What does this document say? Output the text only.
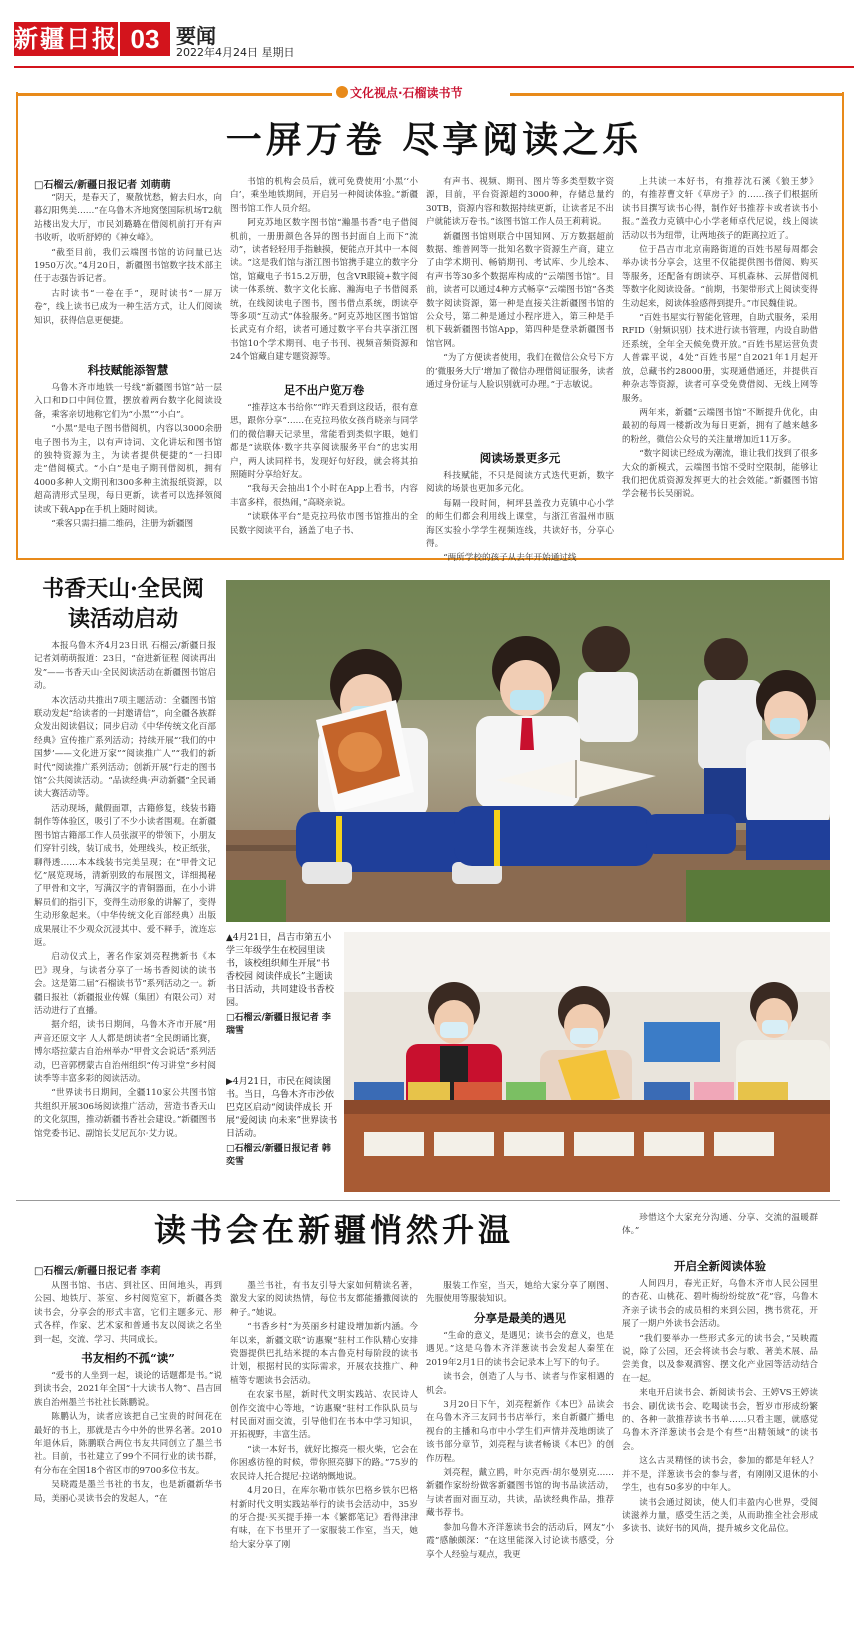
新疆日报 03 要闻
2022年4月24日 星期日
文化视点·石榴读书节
一屏万卷 尽享阅读之乐
□石榴云/新疆日报记者 刘萌萌

“阴天，是春天了，聚散忧愁，俯去归水，向暮幻阳隽美……”在乌鲁木齐地窝堡国际机场T2航站楼出发大厅，市民刘璐璐在借阅机前打开有声书收听，收听舒婷的《神女峰》。

“截至目前，我们云端图书馆的访问量已达1950万次。”4月20日，新疆图书馆数字技术部主任于志强告诉记者。

古时读书“一卷在手”，现时读书“一屏万卷”，线上读书已成为一种生活方式，让人们阅读知识，获得信息更便捷。

科技赋能添智慧

乌鲁木齐市地铁一号线“新疆图书馆”站一层入口和D口中间位置，摆放着两台数字化阅读设备，乘客亲切地称它们为“小黑”“小白”。

“小黑”是电子图书借阅机，内容以3000余册电子图书为主，以有声诗词、文化讲坛和图书馆的独特资源为主，为读者提供便捷的“一扫即走”借阅模式。“小白”是电子期刊借阅机，拥有4000多种人文期刊和300多种主流报纸资源，以超高清形式呈现，每日更新，读者可以选择领阅读或下载App在手机上随时阅读。

“乘客只需扫描二维码，注册为新疆图

书馆的机构会员后，就可免费使用‘小黑’‘小白’，乘坐地铁期间，开启另一种阅读体验。”新疆图书馆工作人员介绍。

阿克苏地区数字图书馆“瀚墨书香”电子借阅机前，一册册颜色各异的图书封面自上而下“流动”，读者轻轻用手指触摸，便能点开其中一本阅读。“这是我们馆与浙江图书馆携手建立的数字分馆，馆藏电子书15.2万册，包含VR眼镜+数字阅读一体系统、数字文化长廊、瀚海电子书借阅系统，在线阅读电子图书，图书借点系统，朗读亭等多项“互动式”体验服务。”阿克苏地区图书馆馆长武克有介绍，读者可通过数字平台共享浙江图书馆10个学术期刊、电子书刊、视频音频资源和24个馆藏自建专题资源等。

足不出户览万卷

“推荐这本书给你”“昨天看到这段话，很有意思，跟你分享”……在克拉玛依女孩肖晓亲与同学们的微信聊天记录里，常能看到类似字眼，她们都是“读联体·数字共享阅读服务平台”的忠实用户，两人读同样书，发现好句好段，就会将其拍照随时分享给好友。

“我每天会抽出1个小时在App上看书，内容丰富多样，很热闹，”高晓亲说。

“读联体平台”是克拉玛依市图书馆推出的全民数字阅读平台，涵盖了电子书、

有声书、视频、期刊、图片等多类型数字资源，目前，平台资源超约3000种，存储总量约30TB，资源内容和数据持续更新，让读者足不出户就能读万卷书。”该图书馆工作人员王莉莉说。

新疆图书馆则联合中国知网、万方数据超前数据、维普网等一批知名数字资源生产商，建立了由学术期刊、畅销期刊、考试库、少儿绘本、有声书等30多个数据库构成的“云端图书馆”。目前，读者可以通过4种方式畅享“云端图书馆”各类数字阅读资源，第一种是直接关注新疆图书馆的公众号，第二种是通过小程序进入，第三种是手机下载新疆图书馆App，第四种是登录新疆图书馆官网。

“为了方便读者使用，我们在微信公众号下方的‘微服务大厅’增加了微信办理借阅证服务，读者通过身份证与人脸识别就可办理。”于志敏说。

阅读场景更多元

科技赋能，不只是阅读方式迭代更新，数字阅读的场景也更加多元化。

每隔一段时间，柯坪县盖孜力克镇中心小学的师生们都会利用线上课堂，与浙江省温州市瓯海区实验小学学生视频连线，共读好书，分享心得。

“两所学校的孩子从去年开始通过线

上共读一本好书，有推荐沈石溪《狼王梦》的，有推荐曹文轩《草房子》的……孩子们根据所读书目撰写读书心得，制作好书推荐卡或者读书小报。”盖孜力克镇中心小学老师卓代尼说，线上阅读活动以书为纽带，让两地孩子的距离拉近了。

位于昌吉市北京南路街道的百姓书屋每周都会举办读书分享会，这里不仅能提供图书借阅、购买等服务，还配备有朗读亭、耳机森林、云屏借阅机等数字化阅读设备。“前期，书架带形式上阅读变得生动起来，阅读体验感得到提升。”市民魏佳说。

“百姓书屋实行智能化管理，自助式服务，采用RFID（射频识别）技术进行读书管理，内设自助借还系统，全年全天候免费开放。”百姓书屋运营负责人普霖平说，4处“百姓书屋”自2021年1月起开放，总藏书约28000册，实现通借通还，并提供百种杂志等资源，读者可享受免费借阅、无线上网等服务。

两年来，新疆“云端图书馆”不断提升优化，由最初的每周一楼新改为每日更新，拥有了越来越多的粉丝，微信公众号的关注量增加近11万多。

“数字阅读已经成为潮流，谁让我们找到了很多大众的新模式，云端图书馆不受时空限制，能够让我们把优质资源发挥更大的社会效能。”新疆图书馆学会秘书长吴丽说。

书香天山·全民阅读活动启动

本报乌鲁木齐4月23日讯 石榴云/新疆日报记者刘萌萌报道：23日，“奋进新征程 阅读再出发”——书香天山·全民阅读活动在新疆图书馆启动。

本次活动共推出7项主题活动：全疆图书馆联动发起“给读者的一封邀请信”，向全疆各族群众发出阅读倡议；同步启动《中华传统文化百部经典》宣传推广系列活动；持续开展“‘我们的中国梦’——文化进万家”“阅读推广人”“我们的新时代”阅读推广系列活动；创新开展“行走的图书馆”公共阅读活动。“品读经典·声动新疆”全民诵读大赛活动等。

活动现场，戴假面罩，古籍修复，线装书籍制作等体验区，吸引了不少小读者围观。在新疆图书馆古籍部工作人员张淑平的带领下，小朋友们穿针引线，装订成书，处理线头，校正纸张，聊得透……本本线装书完美呈现；在“甲骨文记忆”展览现场，清新别致的布展图文，详细揭秘了甲骨和文字，写满汉字的青铜器面，在小小讲解员们的指引下，变得生动形象的讲解了，变得生动形象起来。（中华传统文化百部经典）出版成果展让不少观众沉浸其中、爱不释手，流连忘返。

启动仪式上，著名作家刘亮程携新书《本巴》现身，与读者分享了一场书香阅读的读书会。这是第二届“石榴读书节”系列活动之一。新疆日报社（新疆报业传媒（集团）有限公司）对活动进行了直播。

据介绍，读书日期间，乌鲁木齐市开展“用声音还原文字 人人都是朗读者”全民朗诵比赛，博尔塔拉蒙古自治州举办“甲骨文会说话”系列活动，巴音郭楞蒙古自治州组织“传习讲堂”乡村阅读季等丰富多彩的阅读活动。

“世界读书日期间，全疆110家公共图书馆共组织开展306场阅读推广活动，营造书香天山的文化氛围，推动新疆书香社会建设。”新疆图书馆党委书记、副馆长艾尼瓦尔·艾力说。

▲4月21日，昌吉市第五小学三年级学生在校园里读书，该校组织师生开展“书香校园 阅读伴成长”主题读书日活动，共同建设书香校园。
□石榴云/新疆日报记者 李瑞雪
▶4月21日，市民在阅读图书。当日，乌鲁木齐市沙依巴克区启动“阅读伴成长 开展“爱阅读 向未来”世界读书日活动。
□石榴云/新疆日报记者 韩奕雪
读书会在新疆悄然升温
□石榴云/新疆日报记者 李莉

从图书馆、书店、到社区、田间地头，再到公园、地铁厅、茶室、乡村阅览室下，新疆各类读书会，分享会的形式丰富，它们主题多元、形式各样，作家、艺术家和普通书友以阅读之名坐到一起，交流、学习、共同成长。

书友相约不孤“读”

“爱书的人坐到一起，谈论的话题都是书。”说到读书会，2021年全国“十大读书人物”、昌吉回族自治州墨兰书社社长陈鹏说。

陈鹏认为，读者应该把自己宝贵的时间花在最好的书上，那就是古今中外的世界名著。2010年退休后，陈鹏联合两位书友共同创立了墨兰书社。目前，书社建立了99个不同行业的读书群，有分布在全国18个省区市的9700多位书友。

吴晓霞是墨兰书社的书友，也是新疆新华书局，美丽心灵读书会的发起人，“在

墨兰书社，有书友引导大家如何精读名著，激发大家的阅读热情，每位书友都能播撒阅读的种子。”她说。

“书香乡村”为英丽乡村建设增加新内涵。今年以来，新疆文联“访惠聚”驻村工作队精心安排瓷器提供巴扎结米提的本古鲁克村每阶段的读书计划，根据村民的实际需求，开展农技推广、种植等专题读书会活动。

在农家书屋，新时代文明实践站、农民诗人创作交流中心等地，“访惠聚”驻村工作队队员与村民面对面交流，引导他们在书本中学习知识，开拓视野，丰富生活。

“读一本好书，就好比擦亮一根火柴，它会在你困惑彷徨的时候，带你照亮脚下的路。”75岁的农民诗人托合提尼·拉诺纳慨地说。

4月20日，在库尔勒市铁尔巴格乡铁尔巴格村新时代文明实践站举行的读书会活动中，35岁的牙合提·买买提手捧一本《繁都笔记》看得津津有味，在下书里开了一家服装工作室，当天，她给大家分享了刚

服装工作室，当天，她给大家分享了刚图、先服使用等服装知识。

分享是最美的遇见

“生命的意义，是遇见；读书会的意义，也是遇见。”这是乌鲁木齐洋葱读书会发起人秦笙在2019年2月1日的读书会记录本上写下的句子。

读书会，创造了人与书、读者与作家相遇的机会。

3月20日下午，刘亮程新作《本巴》品读会在乌鲁木齐三友同书书店举行，来自新疆广播电视台的主播和乌市中小学生们声情并茂地朗读了该书部分章节，刘亮程与读者畅谈《本巴》的创作历程。

刘亮程，戴立鸥，叶尔克西·胡尔曼别克……新疆作家纷纷做客新疆图书馆的询书品读活动，与读者面对面互动，共读，品读经典作品，推荐藏书荐书。

参加乌鲁木齐洋葱读书会的活动后，网友“小霞”感触颇深：“在这里能深入讨论读书感受，分享个人经验与观点，我更

珍惜这个大家充分沟通、分享、交流的温暖群体。”

开启全新阅读体验

人间四月，春光正好，乌鲁木齐市人民公园里的杏花、山桃花、碧叶梅纷纷绽放“花”容，乌鲁木齐亲子读书会的成员相约来到公园，携书赏花，开展了一期户外读书会活动。

“我们要举办一些形式多元的读书会，”吴映霞说，除了公园，还会将读书会与歌、著美术展、品尝美食，以及参观酒窖、摆文化产业园等活动结合在一起。

来电开启读书会、新阅读书会、王婷VS王婷读书会、刷优读书会、吃喝读书会，暂岁市形成纷繁的、各种一款推荐读书书单……只看主题，就感觉乌鲁木齐洋葱读书会是个有些“出精领域”的读书会。

这么古灵精怪的读书会，参加的都是年轻人？并不是，洋葱读书会的参与者，有刚刚又退休的小学生，也有50多岁的中年人。

读书会通过阅读，使人们丰盈内心世界，受阅读滋养力量，感受生活之美，从而助推全社会形成多读书、读好书的风尚，提升城乡文化品位。
